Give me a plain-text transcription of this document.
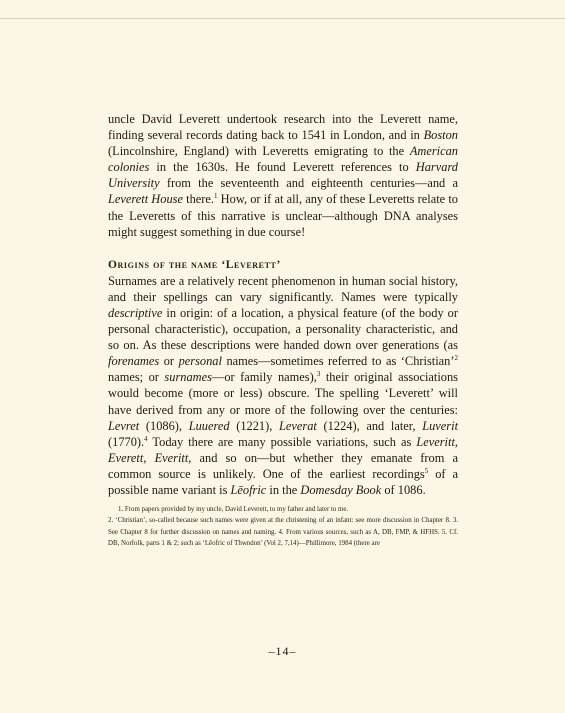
uncle David Leverett undertook research into the Leverett name, finding several records dating back to 1541 in London, and in Boston (Lincolnshire, England) with Leveretts emigrating to the American colonies in the 1630s. He found Leverett references to Harvard University from the seventeenth and eighteenth centuries—and a Leverett House there.$^1$ How, or if at all, any of these Leveretts relate to the Leveretts of this narrative is unclear—although DNA analyses might suggest something in due course!

Origins of the name ‘Leverett’

Surnames are a relatively recent phenomenon in human social history, and their spellings can vary significantly. Names were typically descriptive in origin: of a location, a physical feature (of the body or personal characteristic), occupation, a personality characteristic, and so on. As these descriptions were handed down over generations (as forenames or personal names—sometimes referred to as ‘Christian’$^2$ names; or surnames—or family names),$^3$ their original associations would become (more or less) obscure. The spelling ‘Leverett’ will have derived from any or more of the following over the centuries: Levret (1086), Luuered (1221), Leverat (1224), and later, Luverit (1770).$^4$ Today there are many possible variations, such as Leveritt, Everett, Everitt, and so on—but whether they emanate from a common source is unlikely. One of the earliest recordings$^5$ of a possible name variant is Lēofric in the Domesday Book of 1086.

1. From papers provided by my uncle, David Leverett, to my father and later to me.
2. ‘Christian’, so-called because such names were given at the christening of an infant: see more discussion in Chapter 8. 3. See Chapter 8 for further discussion on names and naming. 4. From various sources, such as A, DB, FMP, & HFHS. 5. Cf. DB, Norfolk, parts 1 & 2; such as ‘Lēofric of Thwndon’ (Vol 2, 7,14)—Phillimore, 1984 (there are
–14–
